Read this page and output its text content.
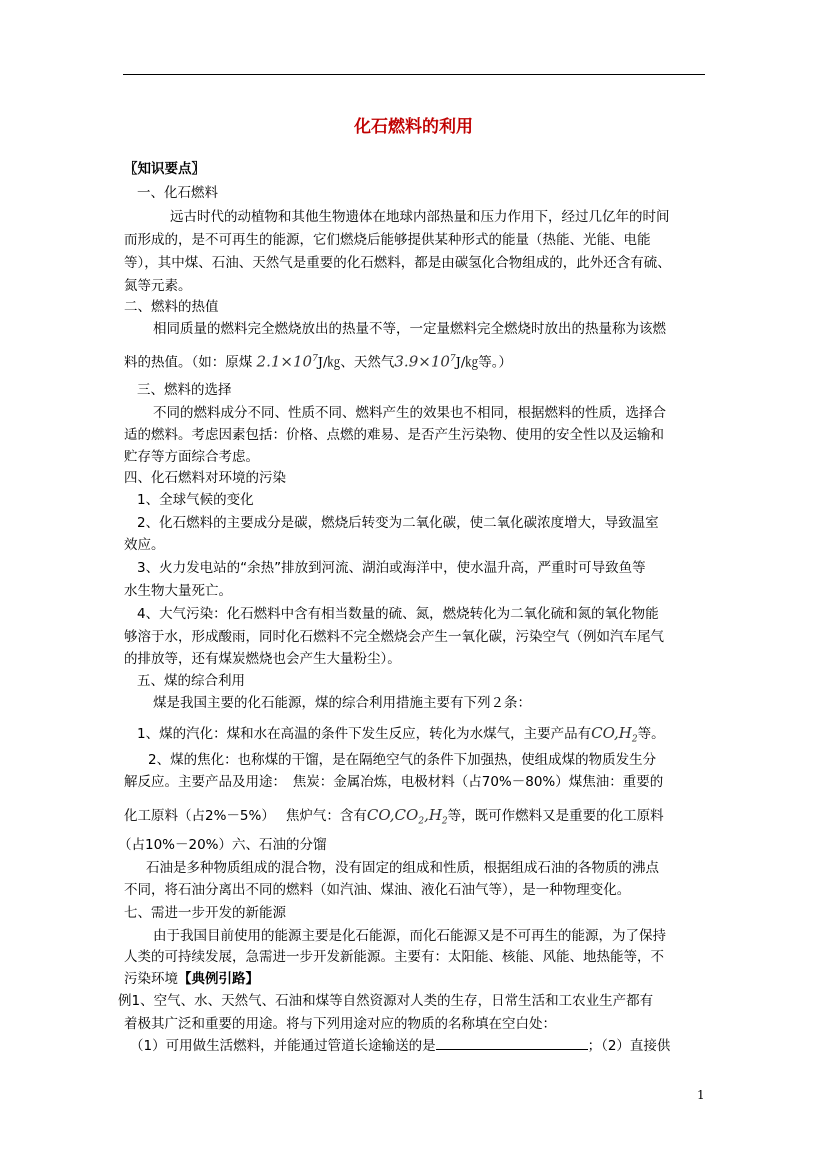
化石燃料的利用
〖知识要点〗
一、化石燃料
远古时代的动植物和其他生物遗体在地球内部热量和压力作用下，经过几亿年的时间
而形成的，是不可再生的能源，它们燃烧后能够提供某种形式的能量（热能、光能、电能
等），其中煤、石油、天然气是重要的化石燃料，都是由碳氢化合物组成的，此外还含有硫、
氮等元素。
二、燃料的热值
相同质量的燃料完全燃烧放出的热量不等，一定量燃料完全燃烧时放出的热量称为该燃
料的热值。（如：原煤 $2.1\times 10^7J/㎏$、天然气$3.9\times 10^7J/㎏$等。）
三、燃料的选择
不同的燃料成分不同、性质不同、燃料产生的效果也不相同，根据燃料的性质，选择合
适的燃料。考虑因素包括：价格、点燃的难易、是否产生污染物、使用的安全性以及运输和
贮存等方面综合考虑。
四、化石燃料对环境的污染
1、全球气候的变化
2、化石燃料的主要成分是碳，燃烧后转变为二氧化碳，使二氧化碳浓度增大，导致温室
效应。
3、火力发电站的“余热”排放到河流、湖泊或海洋中，使水温升高，严重时可导致鱼等
水生物大量死亡。
4、大气污染：化石燃料中含有相当数量的硫、氮，燃烧转化为二氧化硫和氮的氧化物能
够溶于水，形成酸雨，同时化石燃料不完全燃烧会产生一氧化碳，污染空气（例如汽车尾气
的排放等，还有煤炭燃烧也会产生大量粉尘）。
五、煤的综合利用
煤是我国主要的化石能源，煤的综合利用措施主要有下列２条：
1、煤的汽化：煤和水在高温的条件下发生反应，转化为水煤气，主要产品有$CO,H_2$等。
2、煤的焦化：也称煤的干馏，是在隔绝空气的条件下加强热，使组成煤的物质发生分
解反应。主要产品及用途：　焦炭：金属冶炼，电极材料（占70%－80%）煤焦油：重要的
化工原料（占2%－5%）　 焦炉气：含有$CO,CO_2,H_2$等，既可作燃料又是重要的化工原料
（占10%－20%）六、石油的分馏
石油是多种物质组成的混合物，没有固定的组成和性质，根据组成石油的各物质的沸点
不同，将石油分离出不同的燃料（如汽油、煤油、液化石油气等），是一种物理变化。
七、需进一步开发的新能源
由于我国目前使用的能源主要是化石能源，而化石能源又是不可再生的能源，为了保持
人类的可持续发展，急需进一步开发新能源。主要有：太阳能、核能、风能、地热能等，不
污染环境【典例引路】
例1、空气、水、天然气、石油和煤等自然资源对人类的生存，日常生活和工农业生产都有
着极其广泛和重要的用途。将与下列用途对应的物质的名称填在空白处：
（1）可用做生活燃料，并能通过管道长途输送的是	；（2）直接供
1
